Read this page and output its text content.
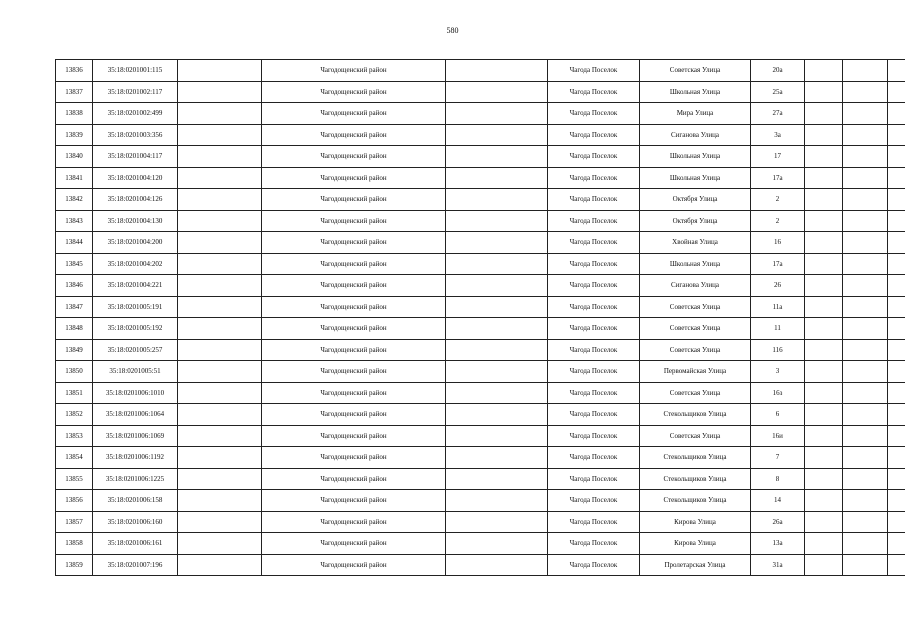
580
13836	35:18:0201001:115		Чагодощенский район		Чагода Поселок	Советская Улица	20а			
13837	35:18:0201002:117		Чагодощенский район		Чагода Поселок	Школьная Улица	25а			
13838	35:18:0201002:499		Чагодощенский район		Чагода Поселок	Мира Улица	27а			
13839	35:18:0201003:356		Чагодощенский район		Чагода Поселок	Сиганова Улица	3а			
13840	35:18:0201004:117		Чагодощенский район		Чагода Поселок	Школьная Улица	17			
13841	35:18:0201004:120		Чагодощенский район		Чагода Поселок	Школьная Улица	17а			
13842	35:18:0201004:126		Чагодощенский район		Чагода Поселок	Октября Улица	2			
13843	35:18:0201004:130		Чагодощенский район		Чагода Поселок	Октября Улица	2			
13844	35:18:0201004:200		Чагодощенский район		Чагода Поселок	Хвойная Улица	16			
13845	35:18:0201004:202		Чагодощенский район		Чагода Поселок	Школьная Улица	17а			
13846	35:18:0201004:221		Чагодощенский район		Чагода Поселок	Сиганова Улица	26			
13847	35:18:0201005:191		Чагодощенский район		Чагода Поселок	Советская Улица	11а			
13848	35:18:0201005:192		Чагодощенский район		Чагода Поселок	Советская Улица	11			
13849	35:18:0201005:257		Чагодощенский район		Чагода Поселок	Советская Улица	116			
13850	35:18:0201005:51		Чагодощенский район		Чагода Поселок	Первомайская Улица	3			
13851	35:18:0201006:1010		Чагодощенский район		Чагода Поселок	Советская Улица	16з			
13852	35:18:0201006:1064		Чагодощенский район		Чагода Поселок	Стекольщиков Улица	6			
13853	35:18:0201006:1069		Чагодощенский район		Чагода Поселок	Советская Улица	16и			
13854	35:18:0201006:1192		Чагодощенский район		Чагода Поселок	Стекольщиков Улица	7			
13855	35:18:0201006:1225		Чагодощенский район		Чагода Поселок	Стекольщиков Улица	8			
13856	35:18:0201006:158		Чагодощенский район		Чагода Поселок	Стекольщиков Улица	14			
13857	35:18:0201006:160		Чагодощенский район		Чагода Поселок	Кирова Улица	26а			
13858	35:18:0201006:161		Чагодощенский район		Чагода Поселок	Кирова Улица	13а			
13859	35:18:0201007:196		Чагодощенский район		Чагода Поселок	Пролетарская Улица	31а			
